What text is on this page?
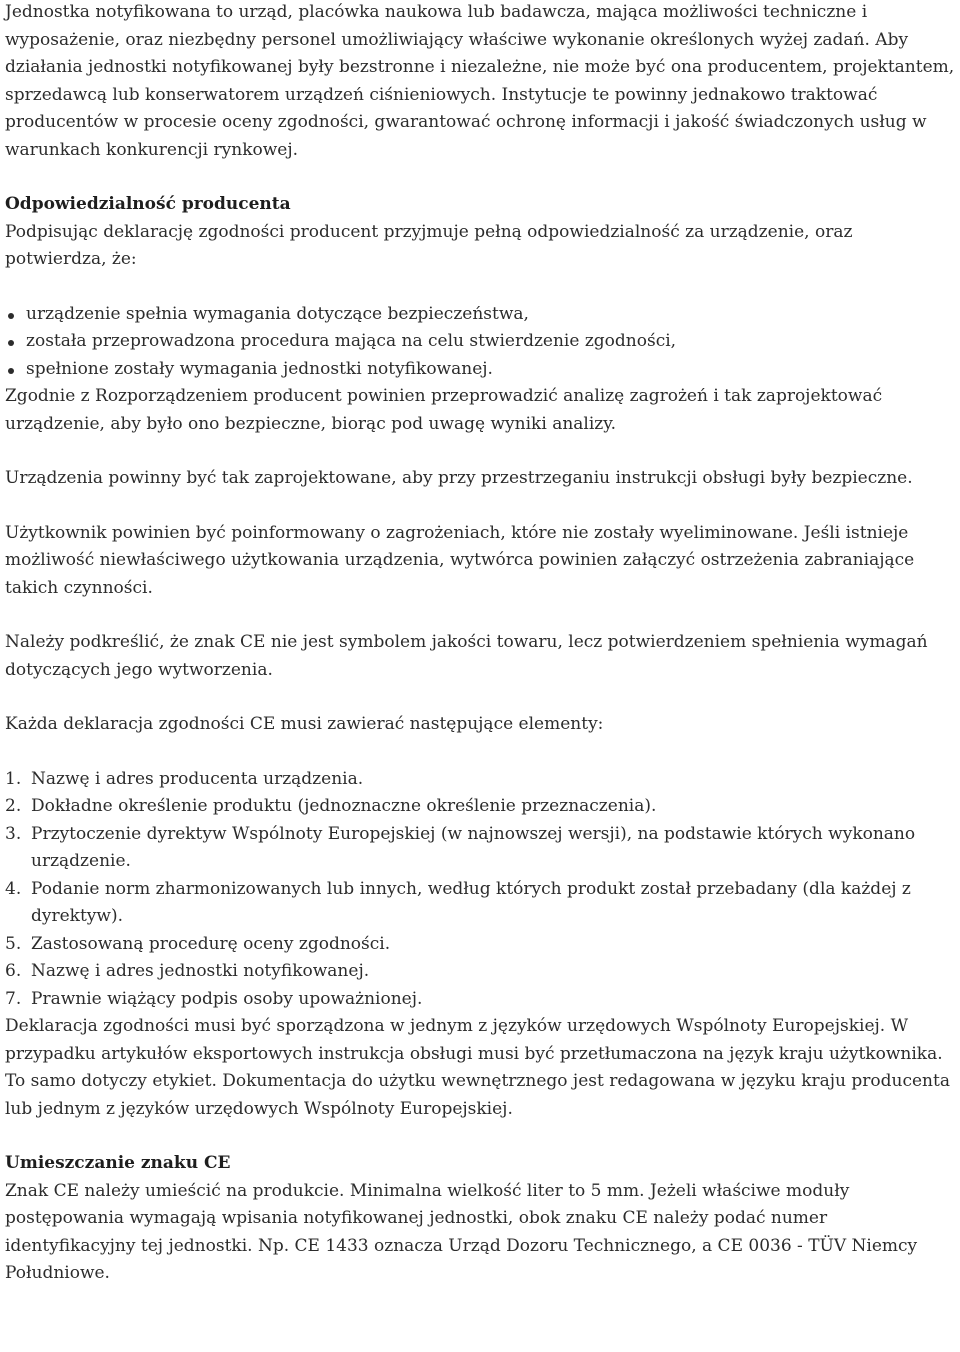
Jednostka notyfikowana to urząd, placówka naukowa lub badawcza, mająca możliwości techniczne i wyposażenie, oraz niezbędny personel umożliwiający właściwe wykonanie określonych wyżej zadań. Aby działania jednostki notyfikowanej były bezstronne i niezależne, nie może być ona producentem, projektantem, sprzedawcą lub konserwatorem urządzeń ciśnieniowych. Instytucje te powinny jednakowo traktować producentów w procesie oceny zgodności, gwarantować ochronę informacji i jakość świadczonych usług w warunkach konkurencji rynkowej.

Odpowiedzialność producenta

Podpisując deklarację zgodności producent przyjmuje pełną odpowiedzialność za urządzenie, oraz potwierdza, że:

urządzenie spełnia wymagania dotyczące bezpieczeństwa,
została przeprowadzona procedura mająca na celu stwierdzenie zgodności,
spełnione zostały wymagania jednostki notyfikowanej.

Zgodnie z Rozporządzeniem producent powinien przeprowadzić analizę zagrożeń i tak zaprojektować urządzenie, aby było ono bezpieczne, biorąc pod uwagę wyniki analizy.

Urządzenia powinny być tak zaprojektowane, aby przy przestrzeganiu instrukcji obsługi były bezpieczne.

Użytkownik powinien być poinformowany o zagrożeniach, które nie zostały wyeliminowane. Jeśli istnieje możliwość niewłaściwego użytkowania urządzenia, wytwórca powinien załączyć ostrzeżenia zabraniające takich czynności.

Należy podkreślić, że znak CE nie jest symbolem jakości towaru, lecz potwierdzeniem spełnienia wymagań dotyczących jego wytworzenia.

Każda deklaracja zgodności CE musi zawierać następujące elementy:

1. Nazwę i adres producenta urządzenia.
2. Dokładne określenie produktu (jednoznaczne określenie przeznaczenia).
3. Przytoczenie dyrektyw Wspólnoty Europejskiej (w najnowszej wersji), na podstawie których wykonano urządzenie.
4. Podanie norm zharmonizowanych lub innych, według których produkt został przebadany (dla każdej z dyrektyw).
5. Zastosowaną procedurę oceny zgodności.
6. Nazwę i adres jednostki notyfikowanej.
7. Prawnie wiążący podpis osoby upoważnionej.

Deklaracja zgodności musi być sporządzona w jednym z języków urzędowych Wspólnoty Europejskiej. W przypadku artykułów eksportowych instrukcja obsługi musi być przetłumaczona na język kraju użytkownika. To samo dotyczy etykiet. Dokumentacja do użytku wewnętrznego jest redagowana w języku kraju producenta lub jednym z języków urzędowych Wspólnoty Europejskiej.

Umieszczanie znaku CE

Znak CE należy umieścić na produkcie. Minimalna wielkość liter to 5 mm. Jeżeli właściwe moduły postępowania wymagają wpisania notyfikowanej jednostki, obok znaku CE należy podać numer identyfikacyjny tej jednostki. Np. CE 1433 oznacza Urząd Dozoru Technicznego, a CE 0036 - TÜV Niemcy Południowe.
